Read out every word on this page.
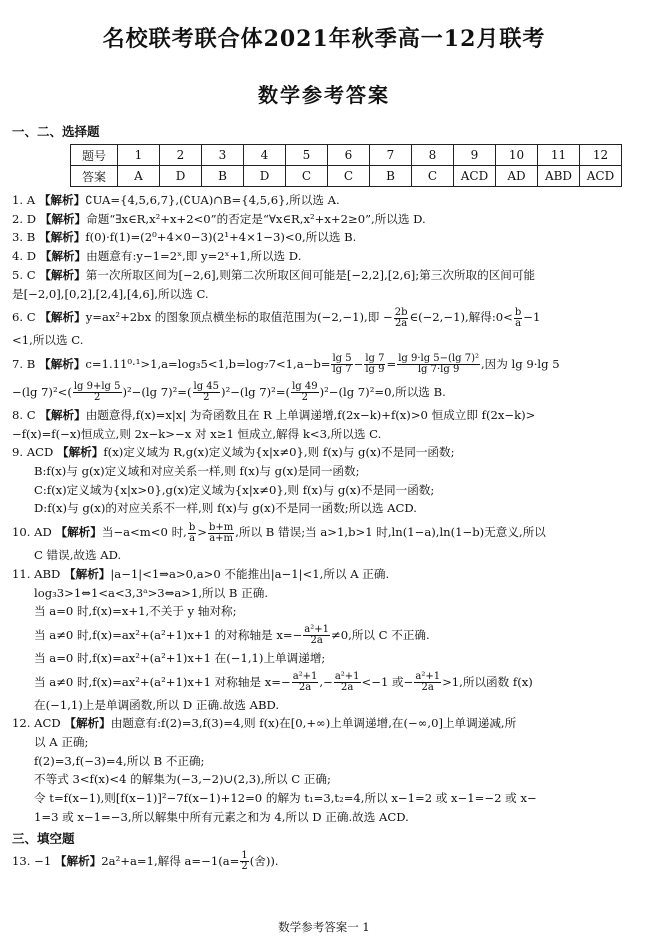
名校联考联合体2021年秋季高一12月联考
数学参考答案
一、二、选择题
题号	1	2	3	4	5	6	7	8	9	10	11	12
答案	A	D	B	D	C	C	B	C	ACD	AD	ABD	ACD

1. A 【解析】∁UA={4,5,6,7},(∁UA)∩B={4,5,6},所以选 A.

2. D 【解析】命题“∃x∈R,x²+x+2<0”的否定是“∀x∈R,x²+x+2≥0”,所以选 D.

3. B 【解析】f(0)·f(1)=(2⁰+4×0−3)(2¹+4×1−3)<0,所以选 B.

4. D 【解析】由题意有:y−1=2ˣ,即 y=2ˣ+1,所以选 D.

5. C 【解析】第一次所取区间为[−2,6],则第二次所取区间可能是[−2,2],[2,6];第三次所取的区间可能

是[−2,0],[0,2],[2,4],[4,6],所以选 C.

6. C 【解析】y=ax²+2bx 的图象顶点横坐标的取值范围为(−2,−1),即 − $\frac{2b}{2a}$ ∈(−2,−1),解得:0< $\frac{b}{a} -1$

<1,所以选 C.

7. B 【解析】$c=1.11^0\cdot^1>1,a=\log_35<1,b=\log_77<1,a-b= \frac{\lg 5}{\lg 7} - \frac{\lg 7}{\lg 9} = \frac{\text{lg 9·lg 5−(lg 7)²}}{\lg 7\cdot\lg 9}$ ,因为 lg 9·lg 5

−(lg $7)^2<( \frac{\lg 9+\lg 5}{2} )^2-(\lg$ $7)^2=( \frac{\lg 45}{2} )^2-(\lg$ $7)^2=( \frac{\lg 49}{2} )^2-(\lg$ 7)²=0,所以选 B.

8. C 【解析】由题意得,f(x)=x|x| 为奇函数且在 R 上单调递增,f(2x−k)+f(x)>0 恒成立即 f(2x−k)>

−f(x)=f(−x)恒成立,则 2x−k>−x 对 x≥1 恒成立,解得 k<3,所以选 C.

9. ACD 【解析】f(x)定义域为 R,g(x)定义域为{x|x≠0},则 f(x)与 g(x)不是同一函数;

B:f(x)与 g(x)定义域和对应关系一样,则 f(x)与 g(x)是同一函数;

C:f(x)定义域为{x|x>0},g(x)定义域为{x|x≠0},则 f(x)与 g(x)不是同一函数;

D:f(x)与 g(x)的对应关系不一样,则 f(x)与 g(x)不是同一函数;所以选 ACD.

10. AD 【解析】当−a<m<0 时, $\frac{b}{a} > \frac{b+m}{a+m}$ ,所以 B 错误;当 a>1,b>1 时,ln(1−a),ln(1−b)无意义,所以

C 错误,故选 AD.

11. ABD 【解析】|a−1|<1⇒a>0,a>0 不能推出|a−1|<1,所以 A 正确.

log₃3>1⇔1<a<3,3ᵃ>3⇔a>1,所以 B 正确.

当 a=0 时,f(x)=x+1,不关于 y 轴对称;

当 a≠0 时,f(x)=ax²+(a²+1)x+1 的对称轴是 $x=- \frac{\text{a²+1}}{2a} \ne 0$,所以 C 不正确.

当 a=0 时,f(x)=ax²+(a²+1)x+1 在(−1,1)上单调递增;

当 a≠0 时,f(x)=ax²+(a²+1)x+1 对称轴是 $x=- \frac{\text{a²+1}}{2a}$ ,− $\frac{\text{a²+1}}{2a} <-1$ 或− $\frac{\text{a²+1}}{2a} >1$,所以函数 f(x)

在(−1,1)上是单调函数,所以 D 正确.故选 ABD.

12. ACD 【解析】由题意有:f(2)=3,f(3)=4,则 f(x)在[0,+∞)上单调递增,在(−∞,0]上单调递减,所

以 A 正确;

f(2)=3,f(−3)=4,所以 B 不正确;

不等式 3<f(x)<4 的解集为(−3,−2)∪(2,3),所以 C 正确;

令 t=f(x−1),则[f(x−1)]²−7f(x−1)+12=0 的解为 t₁=3,t₂=4,所以 x−1=2 或 x−1=−2 或 x−

1=3 或 x−1=−3,所以解集中所有元素之和为 4,所以 D 正确.故选 ACD.

三、填空题

13. −1 【解析】2a²+a=1,解得 $a=-1(a= \frac{1}{2}$ (舍)).

数学参考答案一 1
